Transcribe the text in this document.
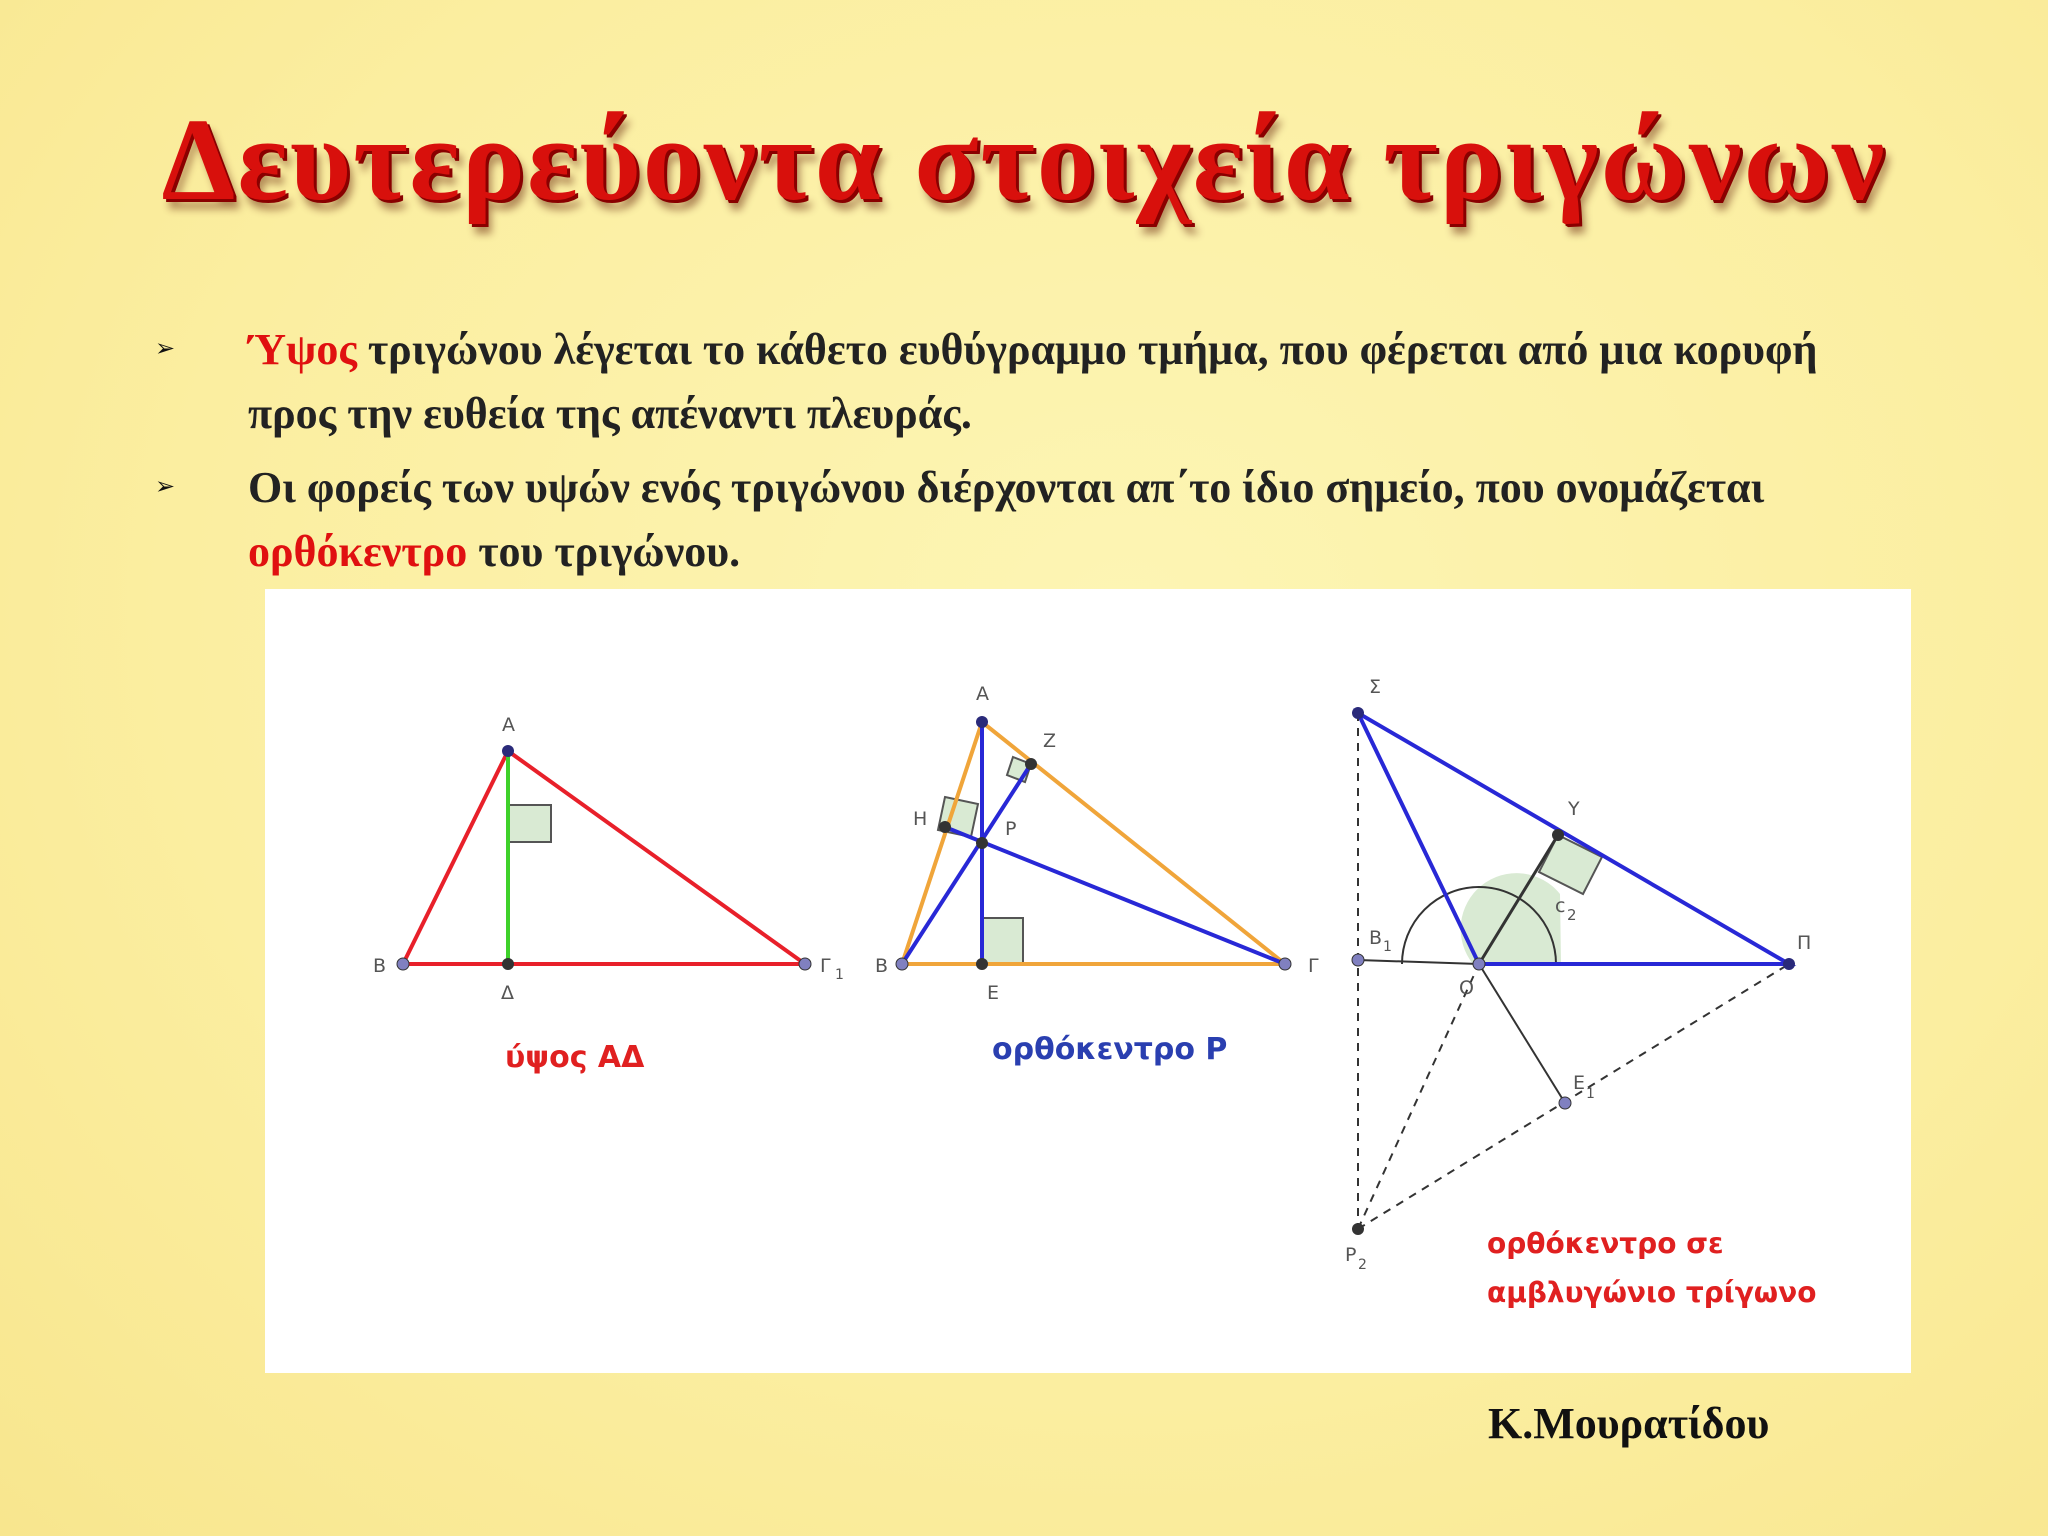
Δευτερεύοντα στοιχεία τριγώνων
➢ Ύψος τριγώνου λέγεται το κάθετο ευθύγραμμο τμήμα, που φέρεται από μια κορυφή προς την ευθεία της απέναντι πλευράς.
➢ Οι φορείς των υψών ενός τριγώνου διέρχονται απ΄το ίδιο σημείο, που ονομάζεται ορθόκεντρο του τριγώνου.
A
B	Γ 1
Δ
ύψος ΑΔ
A
Z
H	P
B	Γ
E
ορθόκεντρο Ρ
Σ
Y
c 2
B 1
O
Π
E 1
P 2
ορθόκεντρο σε
αμβλυγώνιο τρίγωνο
Κ.Μουρατίδου
